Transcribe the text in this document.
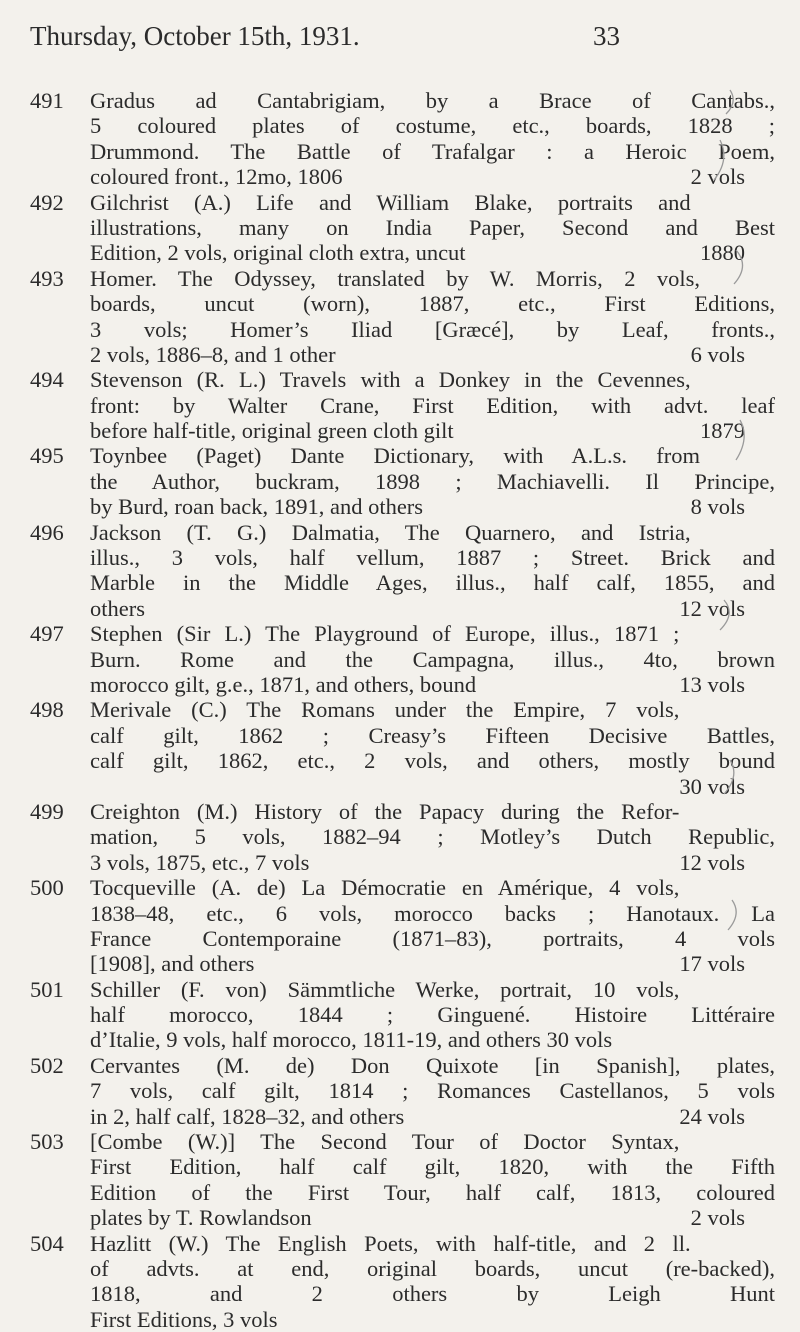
Thursday, October 15th, 1931.	33
491	Gradus ad Cantabrigiam, by a Brace of Cantabs.,
5 coloured plates of costume, etc., boards, 1828 ;
Drummond. The Battle of Trafalgar : a Heroic Poem,
coloured front., 12mo, 1806	2 vols
492	Gilchrist (A.) Life and William Blake, portraits and
illustrations, many on India Paper, Second and Best
Edition, 2 vols, original cloth extra, uncut	1880
493	Homer. The Odyssey, translated by W. Morris, 2 vols,
boards, uncut (worn), 1887, etc., First Editions,
3 vols; Homer’s Iliad [Græcé], by Leaf, fronts.,
2 vols, 1886–8, and 1 other	6 vols
494	Stevenson (R. L.) Travels with a Donkey in the Cevennes,
front: by Walter Crane, First Edition, with advt. leaf
before half-title, original green cloth gilt	1879
495	Toynbee (Paget) Dante Dictionary, with A.L.s. from
the Author, buckram, 1898 ; Machiavelli. Il Principe,
by Burd, roan back, 1891, and others	8 vols
496	Jackson (T. G.) Dalmatia, The Quarnero, and Istria,
illus., 3 vols, half vellum, 1887 ; Street. Brick and
Marble in the Middle Ages, illus., half calf, 1855, and
others	12 vols
497	Stephen (Sir L.) The Playground of Europe, illus., 1871 ;
Burn. Rome and the Campagna, illus., 4to, brown
morocco gilt, g.e., 1871, and others, bound	13 vols
498	Merivale (C.) The Romans under the Empire, 7 vols,
calf gilt, 1862 ; Creasy’s Fifteen Decisive Battles,
calf gilt, 1862, etc., 2 vols, and others, mostly bound
30 vols
499	Creighton (M.) History of the Papacy during the Refor-
mation, 5 vols, 1882–94 ; Motley’s Dutch Republic,
3 vols, 1875, etc., 7 vols	12 vols
500	Tocqueville (A. de) La Démocratie en Amérique, 4 vols,
1838–48, etc., 6 vols, morocco backs ; Hanotaux. La
France Contemporaine (1871–83), portraits, 4 vols
[1908], and others	17 vols
501	Schiller (F. von) Sämmtliche Werke, portrait, 10 vols,
half morocco, 1844 ; Ginguené. Histoire Littéraire
d’Italie, 9 vols, half morocco, 1811-19, and others 30 vols
502	Cervantes (M. de) Don Quixote [in Spanish], plates,
7 vols, calf gilt, 1814 ; Romances Castellanos, 5 vols
in 2, half calf, 1828–32, and others	24 vols
503	[Combe (W.)] The Second Tour of Doctor Syntax,
First Edition, half calf gilt, 1820, with the Fifth
Edition of the First Tour, half calf, 1813, coloured
plates by T. Rowlandson	2 vols
504	Hazlitt (W.) The English Poets, with half-title, and 2 ll.
of advts. at end, original boards, uncut (re-backed),
1818, and 2 others by Leigh Hunt
First Editions, 3 vols
